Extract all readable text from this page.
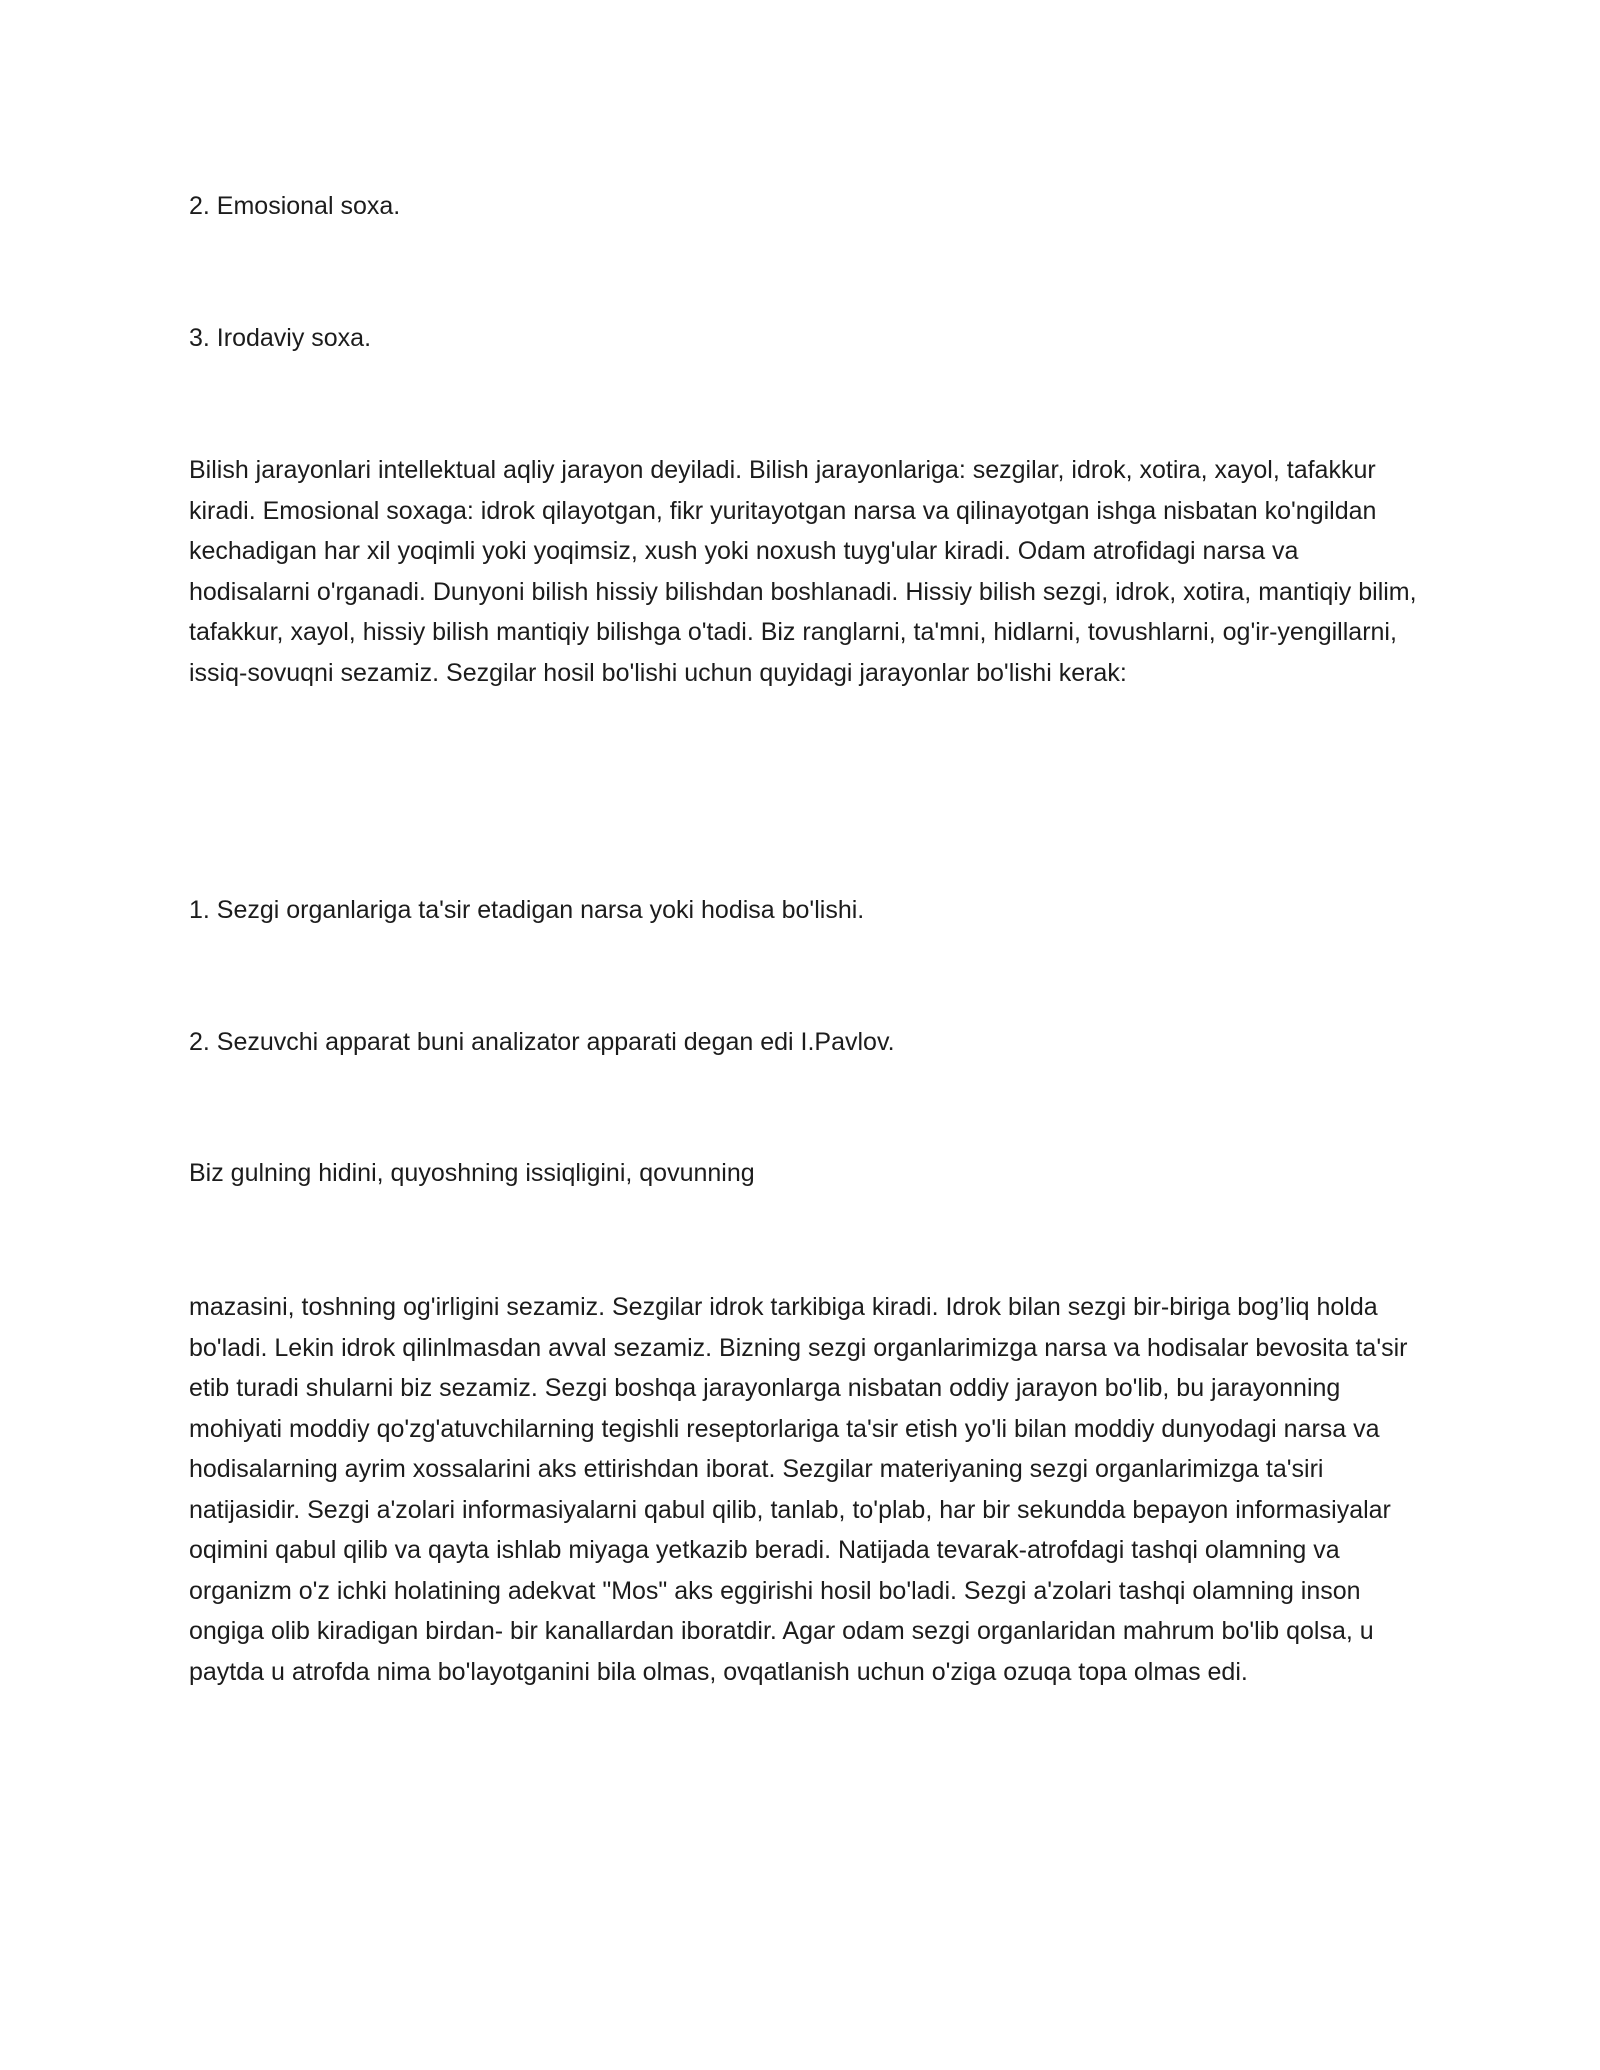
2. Emosional soxa.

3. Irodaviy soxa.

Bilish jarayonlari intellektual aqliy jarayon deyiladi. Bilish jarayonlariga: sezgilar, idrok, xotira, xayol, tafakkur kiradi. Emosional soxaga: idrok qilayotgan, fikr yuritayotgan narsa va qilinayotgan ishga nisbatan ko'ngildan kechadigan har xil yoqimli yoki yoqimsiz, xush yoki noxush tuyg'ular kiradi. Odam atrofidagi narsa va hodisalarni o'rganadi. Dunyoni bilish hissiy bilishdan boshlanadi. Hissiy bilish sezgi, idrok, xotira, mantiqiy bilim, tafakkur, xayol, hissiy bilish mantiqiy bilishga o'tadi. Biz ranglarni, ta'mni, hidlarni, tovushlarni, og'ir-yengillarni, issiq-sovuqni sezamiz. Sezgilar hosil bo'lishi uchun quyidagi jarayonlar bo'lishi kerak:

1. Sezgi organlariga ta'sir etadigan narsa yoki hodisa bo'lishi.

2. Sezuvchi apparat buni analizator apparati degan edi I.Pavlov.

Biz gulning hidini, quyoshning issiqligini, qovunning

mazasini, toshning og'irligini sezamiz. Sezgilar idrok tarkibiga kiradi. Idrok bilan sezgi bir-biriga bog’liq holda bo'ladi. Lekin idrok qilinlmasdan avval sezamiz. Bizning sezgi organlarimizga narsa va hodisalar bevosita ta'sir etib turadi shularni biz sezamiz. Sezgi boshqa jarayonlarga nisbatan oddiy jarayon bo'lib, bu jarayonning mohiyati moddiy qo'zg'atuvchilarning tegishli reseptorlariga ta'sir etish yo'li bilan moddiy dunyodagi narsa va hodisalarning ayrim xossalarini aks ettirishdan iborat. Sezgilar materiyaning sezgi organlarimizga ta'siri natijasidir. Sezgi a'zolari informasiyalarni qabul qilib, tanlab, to'plab, har bir sekundda bepayon informasiyalar oqimini qabul qilib va qayta ishlab miyaga yetkazib beradi. Natijada tevarak-atrofdagi tashqi olamning va organizm o'z ichki holatining adekvat "Mos" aks eggirishi hosil bo'ladi. Sezgi a'zolari tashqi olamning inson ongiga olib kiradigan birdan- bir kanallardan iboratdir. Agar odam sezgi organlaridan mahrum bo'lib qolsa, u paytda u atrofda nima bo'layotganini bila olmas, ovqatlanish uchun o'ziga ozuqa topa olmas edi.
